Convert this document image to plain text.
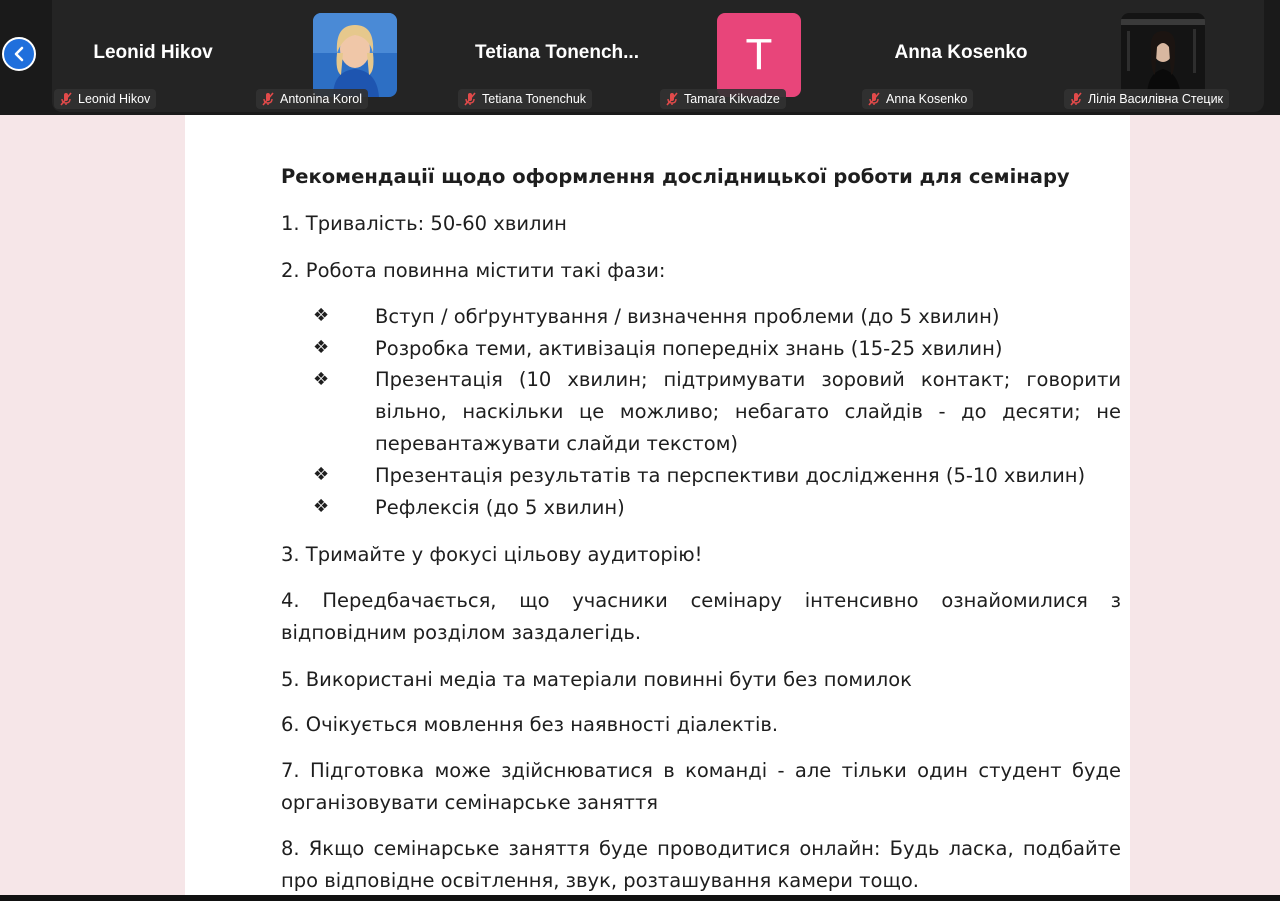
Leonid Hikov
Leonid Hikov	Antonina Korol
Tetiana Tonench...
Tetiana Tonenchuk
T
Tamara Kikvadze
Anna Kosenko
Anna Kosenko	Лілія Василівна Стецик

Рекомендації щодо оформлення дослідницької роботи для семінару

1. Тривалість: 50-60 хвилин

2. Робота повинна містити такі фази:

❖ Вступ / обґрунтування / визначення проблеми (до 5 хвилин)

❖ Розробка теми, активізація попередніх знань (15-25 хвилин)

❖ Презентація (10 хвилин; підтримувати зоровий контакт; говорити вільно, наскільки це можливо; небагато слайдів - до десяти; не перевантажувати слайди текстом)

❖ Презентація результатів та перспективи дослідження (5-10 хвилин)

❖ Рефлексія (до 5 хвилин)

3. Тримайте у фокусі цільову аудиторію!

4. Передбачається, що учасники семінару інтенсивно ознайомилися з відповідним розділом заздалегідь.

5. Використані медіа та матеріали повинні бути без помилок

6. Очікується мовлення без наявності діалектів.

7. Підготовка може здійснюватися в команді - але тільки один студент буде організовувати семінарське заняття

8. Якщо семінарське заняття буде проводитися онлайн: Будь ласка, подбайте про відповідне освітлення, звук, розташування камери тощо.
